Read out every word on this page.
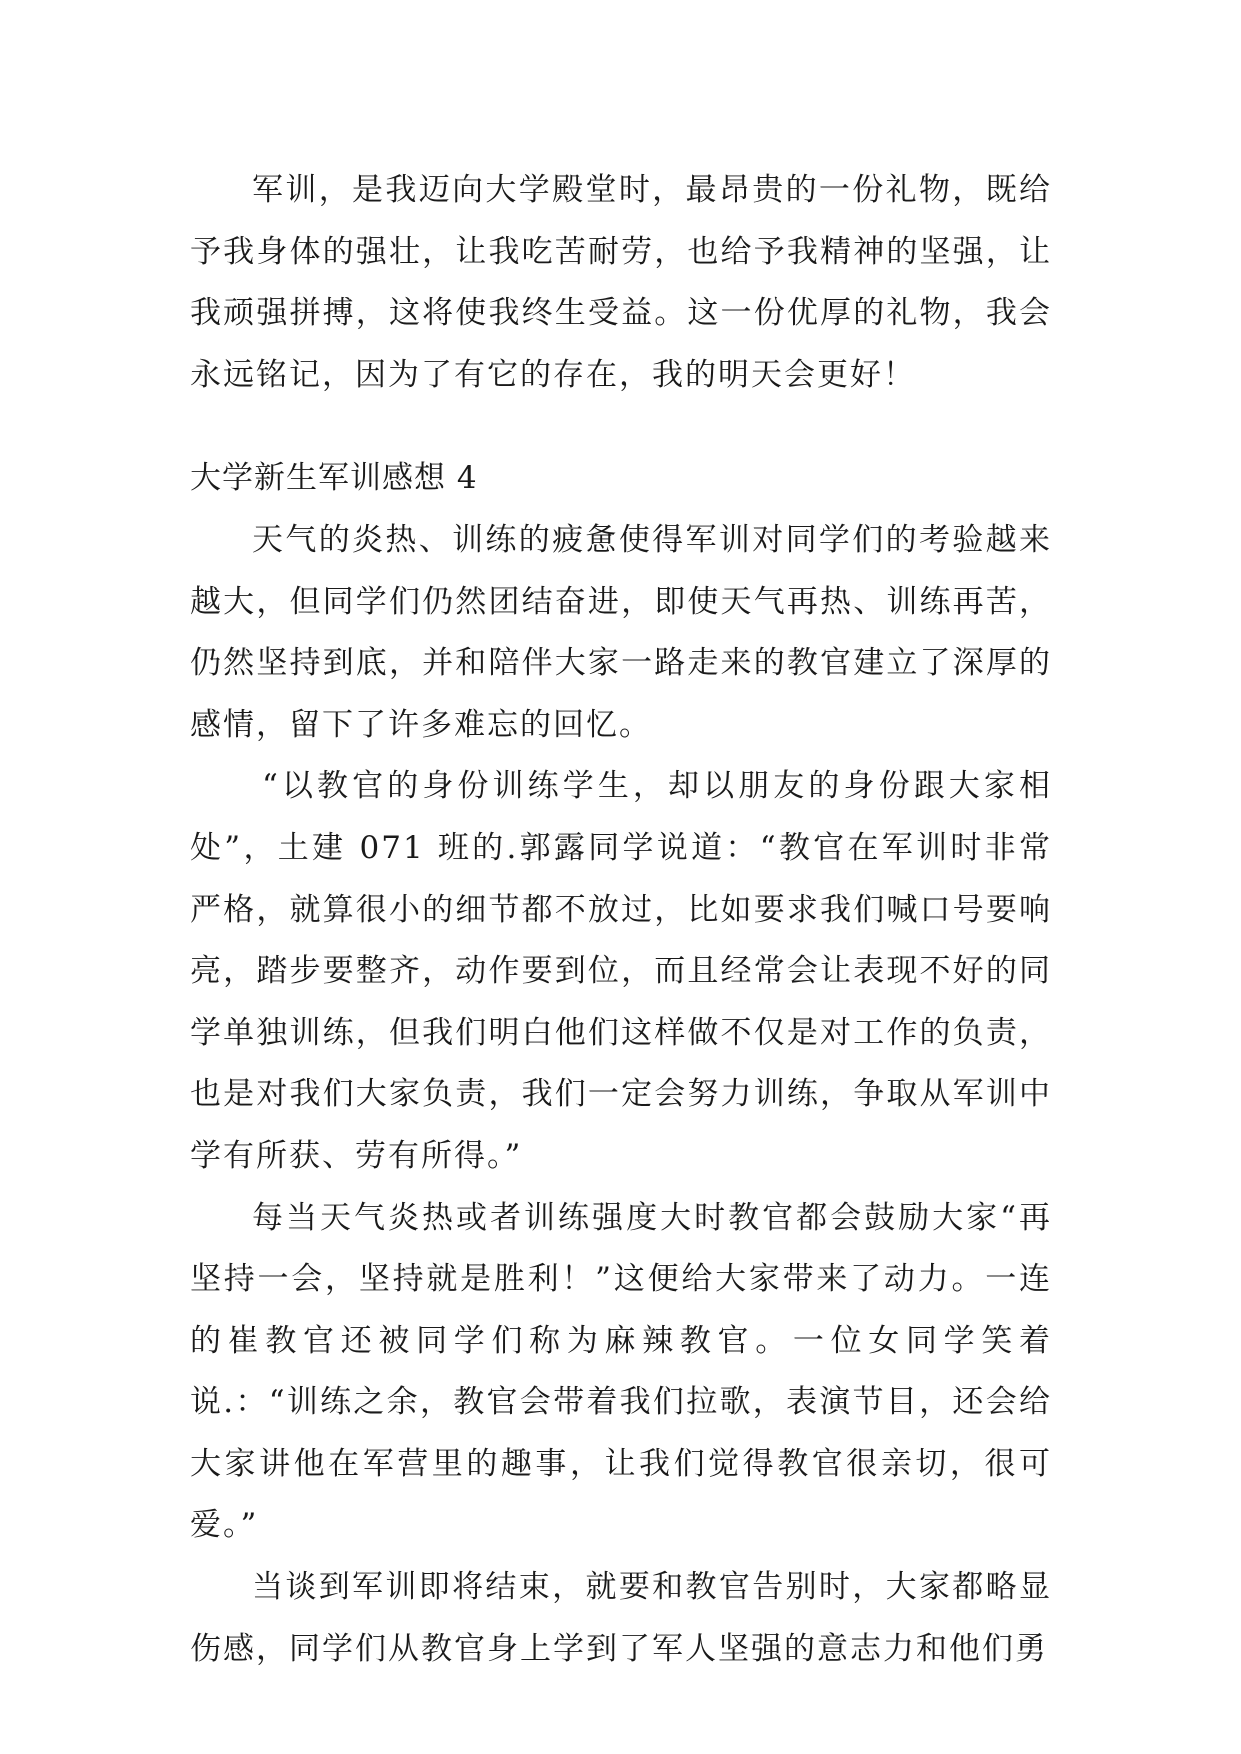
军训，是我迈向大学殿堂时，最昂贵的一份礼物，既给予我身体的强壮，让我吃苦耐劳，也给予我精神的坚强，让我顽强拼搏，这将使我终生受益。这一份优厚的礼物，我会永远铭记，因为了有它的存在，我的明天会更好！

大学新生军训感想 4

天气的炎热、训练的疲惫使得军训对同学们的考验越来越大，但同学们仍然团结奋进，即使天气再热、训练再苦，仍然坚持到底，并和陪伴大家一路走来的教官建立了深厚的感情，留下了许多难忘的回忆。

“以教官的身份训练学生，却以朋友的身份跟大家相处”，土建 071 班的.郭露同学说道：“教官在军训时非常严格，就算很小的细节都不放过，比如要求我们喊口号要响亮，踏步要整齐，动作要到位，而且经常会让表现不好的同学单独训练，但我们明白他们这样做不仅是对工作的负责，也是对我们大家负责，我们一定会努力训练，争取从军训中学有所获、劳有所得。”

每当天气炎热或者训练强度大时教官都会鼓励大家“再坚持一会，坚持就是胜利！”这便给大家带来了动力。一连的崔教官还被同学们称为麻辣教官。一位女同学笑着说.：“训练之余，教官会带着我们拉歌，表演节目，还会给大家讲他在军营里的趣事，让我们觉得教官很亲切，很可爱。”

当谈到军训即将结束，就要和教官告别时，大家都略显伤感，同学们从教官身上学到了军人坚强的意志力和他们勇
